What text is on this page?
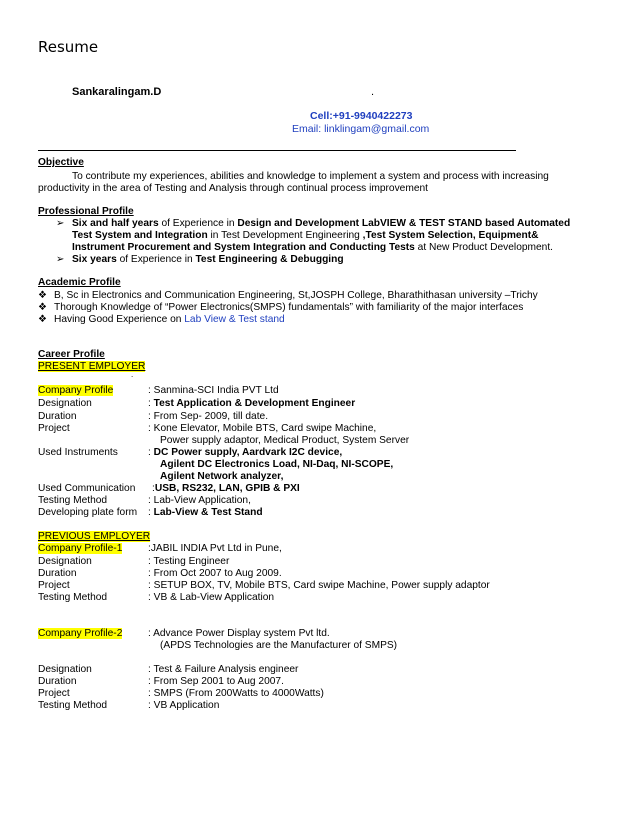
Resume
Sankaralingam.D	.
Cell:+91-9940422273
Email: linklingam@gmail.com
Objective
To contribute my experiences, abilities and knowledge to implement a system and process with increasing
productivity in the area of Testing and Analysis through continual process improvement
Professional Profile
➢ Six and half years of Experience in Design and Development LabVIEW & TEST STAND based Automated
Test System and Integration in Test Development Engineering ,Test System Selection, Equipment&
Instrument Procurement and System Integration and Conducting Tests at New Product Development.
➢ Six years of Experience in Test Engineering & Debugging
Academic Profile
❖ B, Sc in Electronics and Communication Engineering, St,JOSPH College, Bharathithasan university –Trichy
❖ Thorough Knowledge of “Power Electronics(SMPS) fundamentals” with familiarity of the major interfaces
❖ Having Good Experience on Lab View & Test stand
Career Profile
PRESENT EMPLOYER
.
Company Profile	: Sanmina-SCI India PVT Ltd
Designation	: Test Application & Development Engineer
Duration	: From Sep- 2009, till date.
Project	: Kone Elevator, Mobile BTS, Card swipe Machine,
Power supply adaptor, Medical Product, System Server
Used Instruments	: DC Power supply, Aardvark I2C device,
Agilent DC Electronics Load, NI-Daq, NI-SCOPE,
Agilent Network analyzer,
Used Communication :USB, RS232, LAN, GPIB & PXI
Testing Method	: Lab-View Application,
Developing plate form : Lab-View & Test Stand
PREVIOUS EMPLOYER
Company Profile-1	:JABIL INDIA Pvt Ltd in Pune,
Designation	: Testing Engineer
Duration	: From Oct 2007 to Aug 2009.
Project	: SETUP BOX, TV, Mobile BTS, Card swipe Machine, Power supply adaptor
Testing Method	: VB & Lab-View Application
Company Profile-2	: Advance Power Display system Pvt ltd.
(APDS Technologies are the Manufacturer of SMPS)
Designation	: Test & Failure Analysis engineer
Duration	: From Sep 2001 to Aug 2007.
Project	: SMPS (From 200Watts to 4000Watts)
Testing Method	: VB Application
